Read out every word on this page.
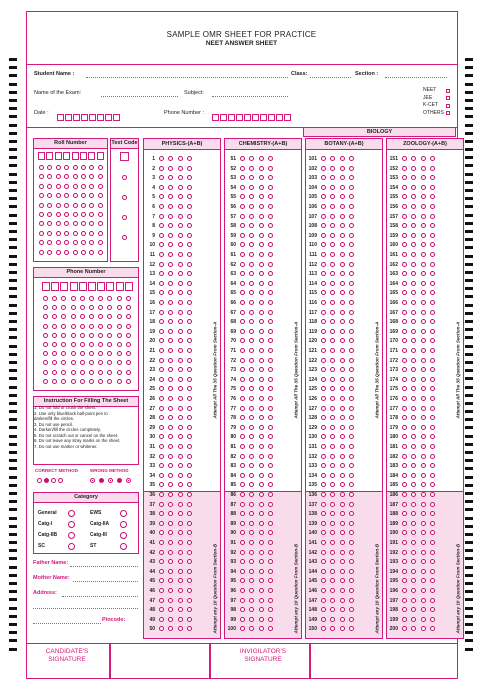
SAMPLE OMR SHEET FOR PRACTICE
NEET ANSWER SHEET
Student Name :	Class:	Section :
Name of the Exam:	Subject:
Date :	Phone Number :
NEET
JEE
K-CET
OTHERS
Roll Number	Test Code
Phone Number
Instruction For Filling The Sheet
1. Do not fold or crush the sheet.
2. Use only blue/black ball-point pen to
darken/fill the circles.
3. Do not use pencil.
4. Darken/fill the circles completely.
5. Do not scratch out or cancel on the sheet.
6. Do not leave any stray marks on the sheet.
7. Do not use marker or whitener.
CORRECT METHOD	WRONG METHOD
Category
General	EWS
Catg-I	Catg-IIA
Catg-IIB	Catg-III
SC	ST
Father Name:
Mother Name:
Address:
Pincode:
BIOLOGY
PHYSICS-(A+B)
1
2
3
4
5
6
7
8
9
10
11
12
13
14
15
16
17
18
19
20
21
22
23
24
25
26
27
28
29
30
31
32
33
34
35
36
37
38
39
40
41
42
43
44
45
46
47
48
49
50
Attempt All The 35 Question From Section-A
Attempt any 10 Question From Section-B
CHEMISTRY-(A+B)
51
52
53
54
55
56
57
58
59
60
61
62
63
64
65
66
67
68
69
70
71
72
73
74
75
76
77
78
79
80
81
82
83
84
85
86
87
88
89
90
91
92
93
94
95
96
97
98
99
100
Attempt All The 35 Question From Section-A
Attempt any 10 Question From Section-B
BOTANY-(A+B)
101
102
103
104
105
106
107
108
109
110
111
112
113
114
115
116
117
118
119
120
121
122
123
124
125
126
127
128
129
130
131
132
133
134
135
136
137
138
139
140
141
142
143
144
145
146
147
148
149
150
Attempt All The 35 Question From Section-A
Attempt any 10 Question From Section-B
ZOOLOGY-(A+B)
151
152
153
154
155
156
157
158
159
160
161
162
163
164
165
166
167
168
169
170
171
172
173
174
175
176
177
178
179
180
181
182
183
184
185
186
187
188
189
190
191
192
193
194
195
196
197
198
199
200
Attempt All The 35 Question From Section-A
Attempt any 10 Question From Section-B
CANDIDATE'S SIGNATURE
INVIGILATOR'S SIGNATURE
